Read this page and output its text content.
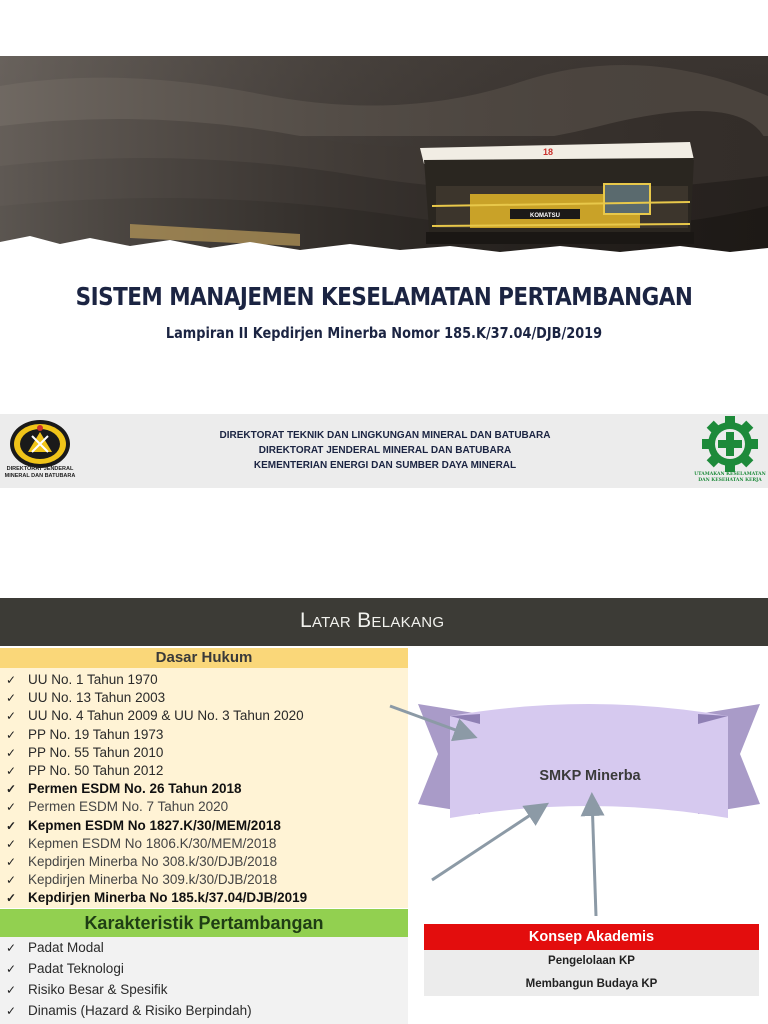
KOMATSU
18
SISTEM MANAJEMEN KESELAMATAN PERTAMBANGAN
Lampiran II Kepdirjen Minerba Nomor 185.K/37.04/DJB/2019
DIREKTORAT JENDERAL
MINERAL DAN BATUBARA
DIREKTORAT TEKNIK DAN LINGKUNGAN MINERAL DAN BATUBARA
DIREKTORAT JENDERAL MINERAL DAN BATUBARA
KEMENTERIAN ENERGI DAN SUMBER DAYA MINERAL
UTAMAKAN KESELAMATAN
DAN KESEHATAN KERJA
Latar Belakang
Dasar Hukum
✓ UU No. 1 Tahun 1970
✓ UU No. 13 Tahun 2003
✓ UU No. 4 Tahun 2009 & UU No. 3 Tahun 2020
✓ PP No. 19 Tahun 1973
✓ PP No. 55 Tahun 2010
✓ PP No. 50 Tahun 2012
✓ Permen ESDM No. 26 Tahun 2018
✓ Permen ESDM No. 7 Tahun 2020
✓ Kepmen ESDM No 1827.K/30/MEM/2018
✓ Kepmen ESDM No 1806.K/30/MEM/2018
✓ Kepdirjen Minerba No 308.k/30/DJB/2018
✓ Kepdirjen Minerba No 309.k/30/DJB/2018
✓ Kepdirjen Minerba No 185.k/37.04/DJB/2019
Karakteristik Pertambangan
✓ Padat Modal
✓ Padat Teknologi
✓ Risiko Besar & Spesifik
✓ Dinamis (Hazard & Risiko Berpindah)
SMKP Minerba
Konsep Akademis
Pengelolaan KP
Membangun Budaya KP
